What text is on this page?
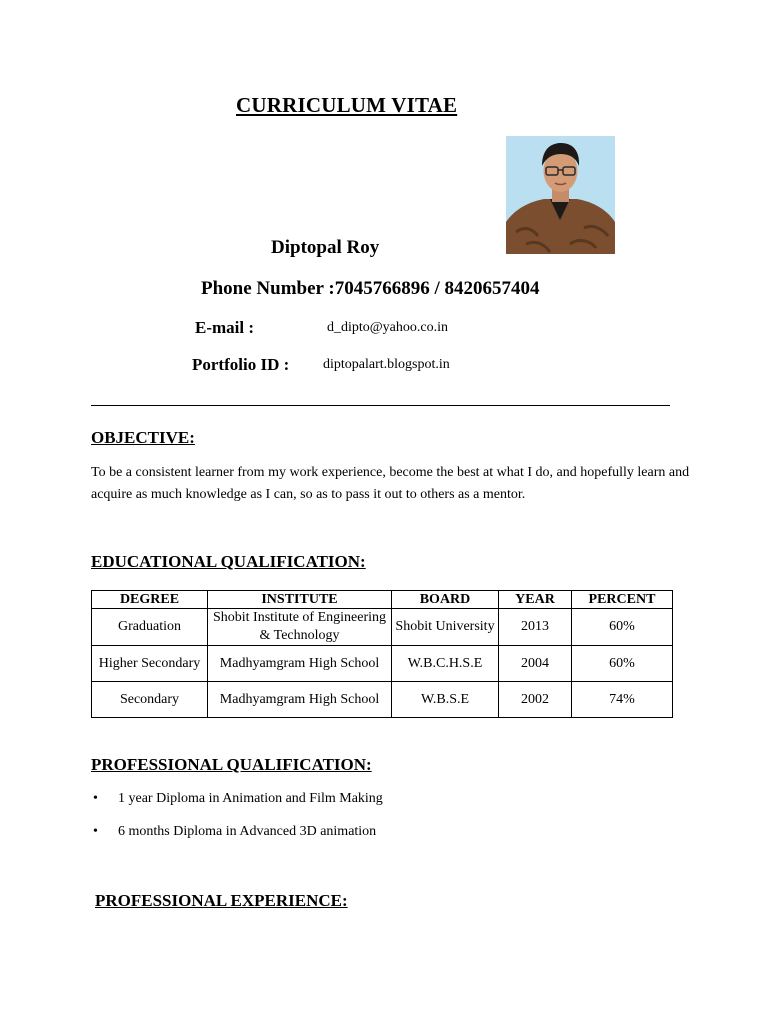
CURRICULUM VITAE
Diptopal Roy
Phone Number :7045766896 / 8420657404
E-mail :	d_dipto@yahoo.co.in
Portfolio ID : diptopalart.blogspot.in
OBJECTIVE:
To be a consistent learner from my work experience, become the best at what I do, and hopefully learn and acquire as much knowledge as I can, so as to pass it out to others as a mentor.
EDUCATIONAL QUALIFICATION:
DEGREE	INSTITUTE	BOARD	YEAR	PERCENT
Graduation	Shobit Institute of Engineering & Technology	Shobit University	2013	60%
Higher Secondary	Madhyamgram High School	W.B.C.H.S.E	2004	60%
Secondary	Madhyamgram High School	W.B.S.E	2002	74%
PROFESSIONAL QUALIFICATION:
• 1 year Diploma in Animation and Film Making
• 6 months Diploma in Advanced 3D animation
PROFESSIONAL EXPERIENCE:
